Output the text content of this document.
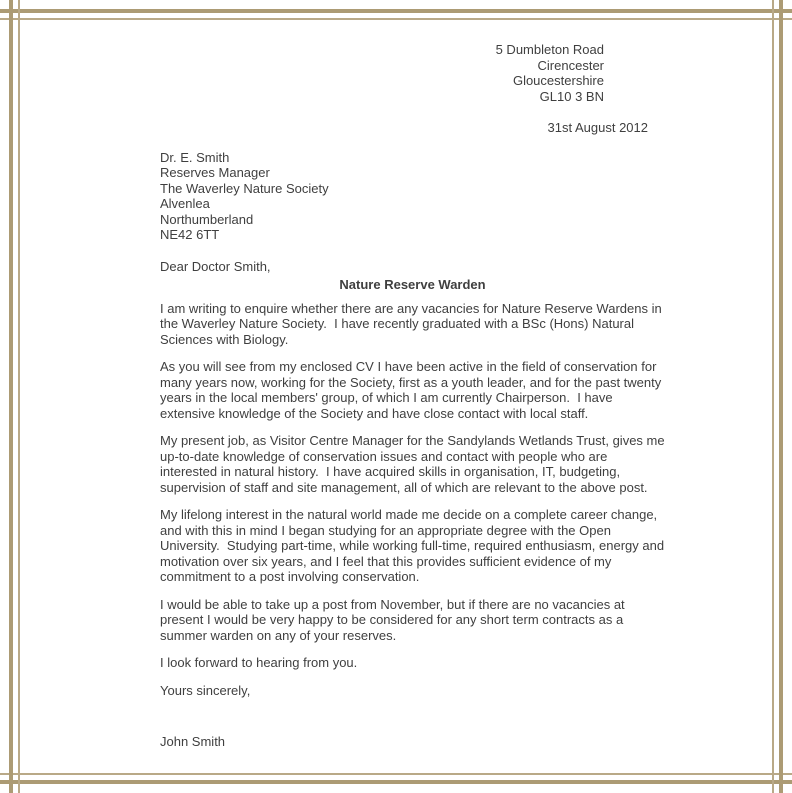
5 Dumbleton Road
Cirencester
Gloucestershire
GL10 3 BN
31st August 2012
Dr. E. Smith
Reserves Manager
The Waverley Nature Society
Alvenlea
Northumberland
NE42 6TT
Dear Doctor Smith,
Nature Reserve Warden

I am writing to enquire whether there are any vacancies for Nature Reserve Wardens in the Waverley Nature Society.  I have recently graduated with a BSc (Hons) Natural Sciences with Biology.

As you will see from my enclosed CV I have been active in the field of conservation for many years now, working for the Society, first as a youth leader, and for the past twenty years in the local members' group, of which I am currently Chairperson.  I have extensive knowledge of the Society and have close contact with local staff.

My present job, as Visitor Centre Manager for the Sandylands Wetlands Trust, gives me up-to-date knowledge of conservation issues and contact with people who are interested in natural history.  I have acquired skills in organisation, IT, budgeting, supervision of staff and site management, all of which are relevant to the above post.

My lifelong interest in the natural world made me decide on a complete career change, and with this in mind I began studying for an appropriate degree with the Open University.  Studying part-time, while working full-time, required enthusiasm, energy and motivation over six years, and I feel that this provides sufficient evidence of my commitment to a post involving conservation.

I would be able to take up a post from November, but if there are no vacancies at present I would be very happy to be considered for any short term contracts as a summer warden on any of your reserves.

I look forward to hearing from you.

Yours sincerely,
John Smith
